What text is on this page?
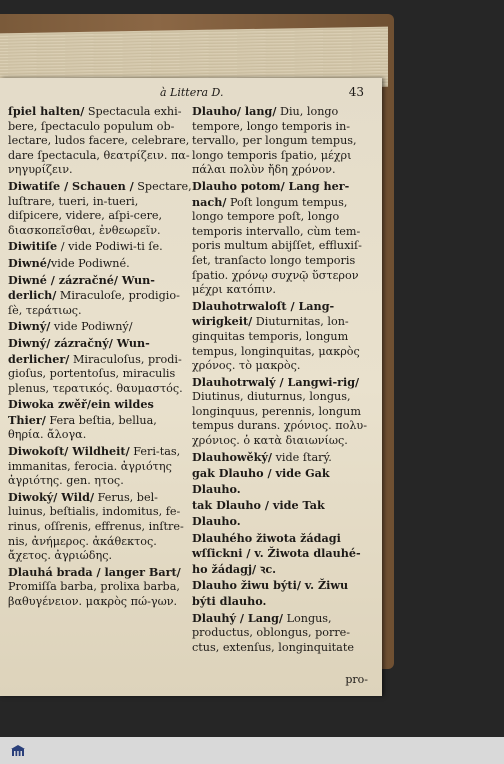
à Littera D.	43

ſpiel halten/ Spectacula exhi-bere, ſpectaculo populum ob-lectare, ludos facere, celebrare, dare ſpectacula, θεατρίζειν. πα-νηγυρίζειν.

Diwatiſe / Schauen / Spectare, luſtrare, tueri, in-tueri, diſpicere, videre, aſpi-cere, διασκοπεῖσθαι, ἐνθεωρεῖν.

Diwitiſe / vide Podiwi-ti ſe.

Diwné/vide Podiwné.

Diwné / zázračné/ Wun-derlich/ Miraculoſe, prodigio-ſè, τεράτιως.

Diwný/ vide Podiwný/

Diwný/ zázračný/ Wun-derlicher/ Miraculoſus, prodi-gioſus, portentoſus, miraculis plenus, τερατικός. θαυμαστός.

Diwoka zwěř/ein wildes Thier/ Fera beſtia, bellua, θηρία. ἄλογα.

Diwokoſt/ Wildheit/ Feri-tas, immanitas, ferocia. ἀγριότης ἀγριότης. gen. ητος.

Diwoký/ Wild/ Ferus, bel-luinus, beſtialis, indomitus, fe-rinus, oſſrenis, effrenus, inſtre-nis, ἀνήμερος. ἀκάθεκτος. ἄχετος. ἀγριώδης.

Dlauhá brada / langer Bart/ Promiſſa barba, prolixa barba, βαθυγένειον. μακρὸς πώ-γων.

Dlauho/ lang/ Diu, longo tempore, longo temporis in-tervallo, per longum tempus, longo temporis ſpatio, μέχρι πάλαι πολὺν ἤδη χρόνον.

Dlauho potom/ Lang her-nach/ Poſt longum tempus, longo tempore poſt, longo temporis intervallo, cùm tem-poris multum abijſſet, effluxiſ-ſet, tranſacto longo temporis ſpatio. χρόνῳ συχνῷ ὕστερον μέχρι κατόπιν.

Dlauhotrwaloſt / Lang-wirigkeit/ Diuturnitas, lon-ginquitas temporis, longum tempus, longinquitas, μακρὸς χρόνος. τὸ μακρὸς.

Dlauhotrwalý / Langwi-rig/ Diutinus, diuturnus, longus, longinquus, perennis, longum tempus durans. χρόνιος. πολυ-χρόνιος. ὁ κατὰ διαιωνίως.

Dlauhowěký/ vide ſtarý.

gak Dlauho / vide Gak Dlauho.

tak Dlauho / vide Tak Dlauho.

Dlauhého žiwota žádagi wſſickni / v. Žiwota dlauhé-ho žádagj/ ꝛc.

Dlauho žiwu býti/ v. Žiwu býti dlauho.

Dlauhý / Lang/ Longus, productus, oblongus, porre-ctus, extenſus, longinquitate

pro-
